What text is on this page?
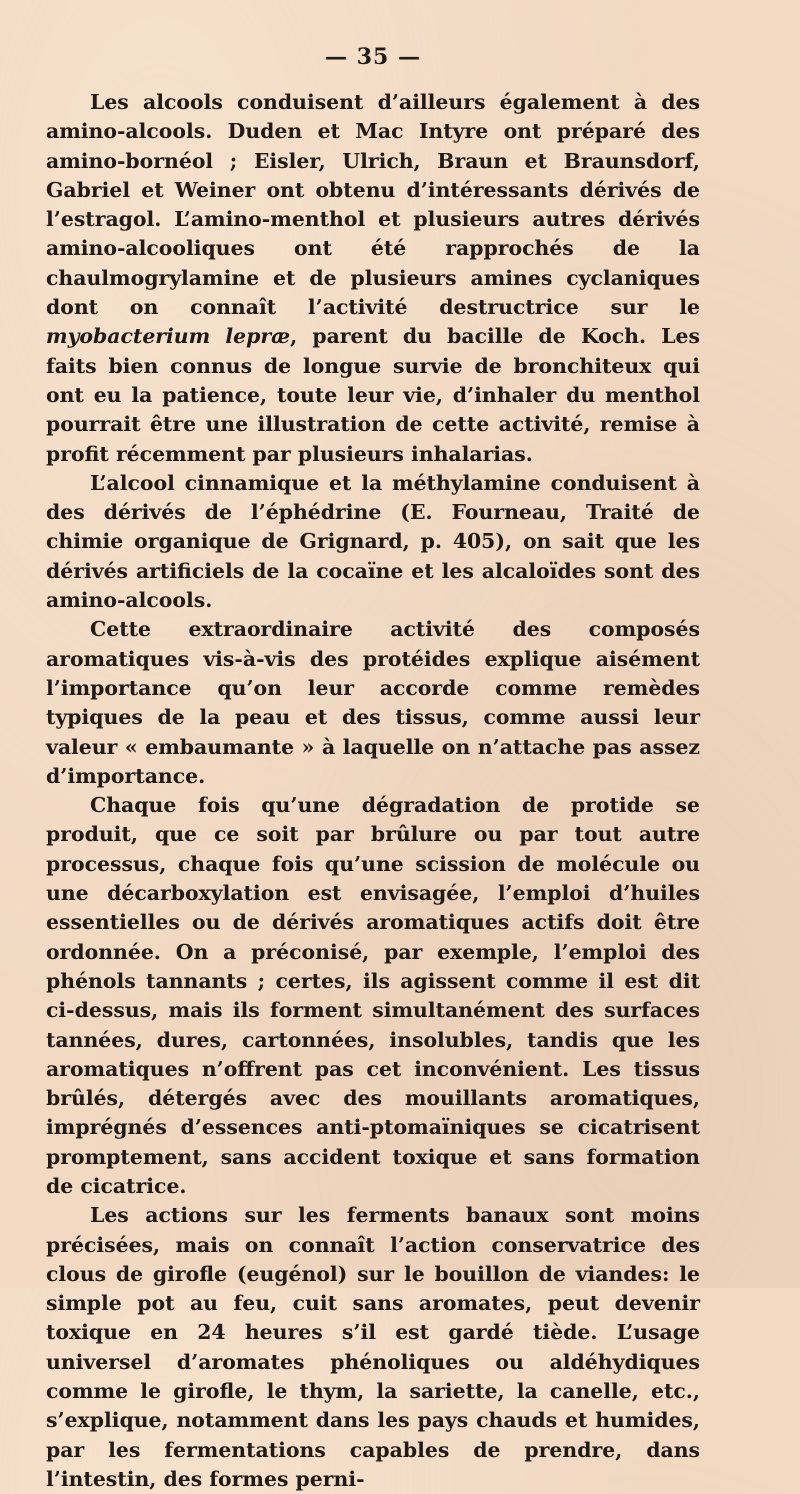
— 35 —

Les alcools conduisent d’ailleurs également à des amino-alcools. Duden et Mac Intyre ont préparé des amino-bornéol ; Eisler, Ulrich, Braun et Braunsdorf, Gabriel et Weiner ont obtenu d’intéressants dérivés de l’estragol. L’amino-menthol et plusieurs autres dérivés amino-alcooliques ont été rapprochés de la chaulmogrylamine et de plusieurs amines cyclaniques dont on connaît l’activité destructrice sur le myobacterium lepræ, parent du bacille de Koch. Les faits bien connus de longue survie de bronchiteux qui ont eu la patience, toute leur vie, d’inhaler du menthol pourrait être une illustration de cette activité, remise à profit récemment par plusieurs inhalarias.

L’alcool cinnamique et la méthylamine conduisent à des dérivés de l’éphédrine (E. Fourneau, Traité de chimie organique de Grignard, p. 405), on sait que les dérivés artificiels de la cocaïne et les alcaloïdes sont des amino-alcools.

Cette extraordinaire activité des composés aromatiques vis-à-vis des protéides explique aisément l’importance qu’on leur accorde comme remèdes typiques de la peau et des tissus, comme aussi leur valeur « embaumante » à laquelle on n’attache pas assez d’importance.

Chaque fois qu’une dégradation de protide se produit, que ce soit par brûlure ou par tout autre processus, chaque fois qu’une scission de molécule ou une décarboxylation est envisagée, l’emploi d’huiles essentielles ou de dérivés aromatiques actifs doit être ordonnée. On a préconisé, par exemple, l’emploi des phénols tannants ; certes, ils agissent comme il est dit ci-dessus, mais ils forment simultanément des surfaces tannées, dures, cartonnées, insolubles, tandis que les aromatiques n’offrent pas cet inconvénient. Les tissus brûlés, détergés avec des mouillants aromatiques, imprégnés d’essences anti-ptomaïniques se cicatrisent promptement, sans accident toxique et sans formation de cicatrice.

Les actions sur les ferments banaux sont moins précisées, mais on connaît l’action conservatrice des clous de girofle (eugénol) sur le bouillon de viandes: le simple pot au feu, cuit sans aromates, peut devenir toxique en 24 heures s’il est gardé tiède. L’usage universel d’aromates phénoliques ou aldéhydiques comme le girofle, le thym, la sariette, la canelle, etc., s’explique, notamment dans les pays chauds et humides, par les fermentations capables de prendre, dans l’intestin, des formes perni-
